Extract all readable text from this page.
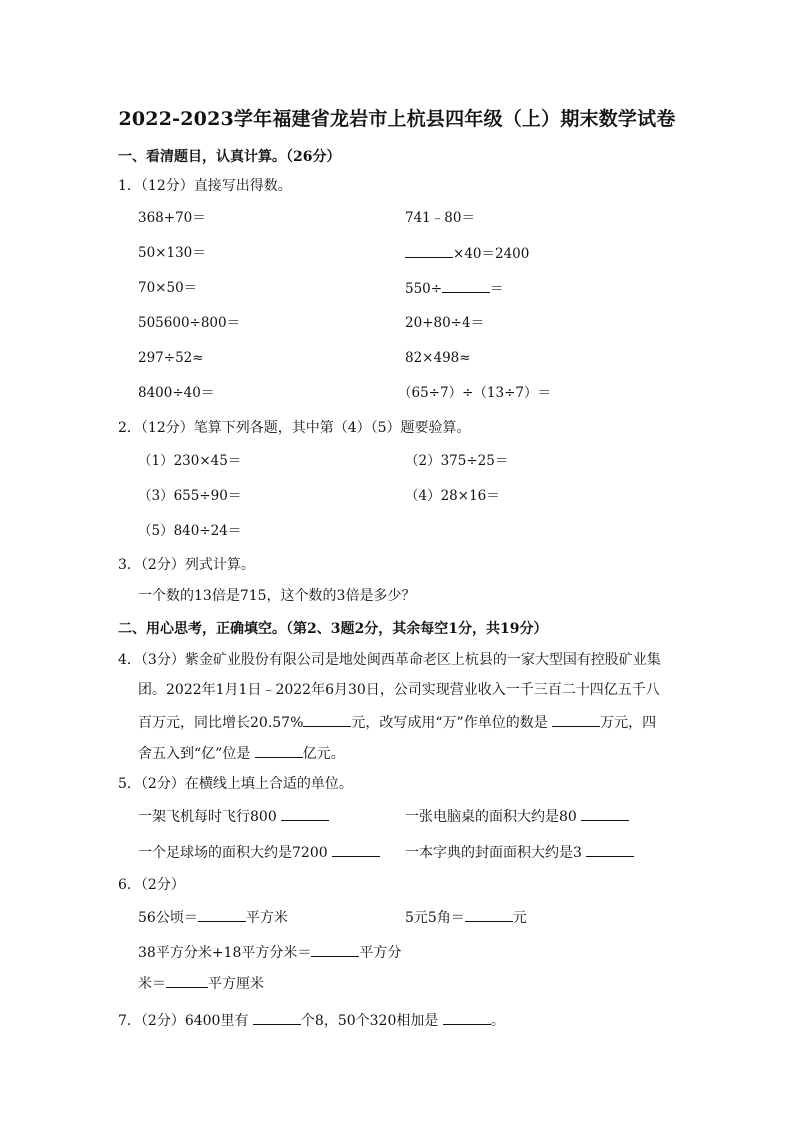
2022-2023学年福建省龙岩市上杭县四年级（上）期末数学试卷
一、看清题目，认真计算。（26分）
1．（12分）直接写出得数。
368+70＝	741﹣80＝
50×130＝	×40＝2400
70×50＝	550÷	＝
505600÷800＝	20+80÷4＝
297÷52≈	82×498≈
8400÷40＝	（65÷7）÷（13÷7）＝
2．（12分）笔算下列各题，其中第（4）（5）题要验算。
（1）230×45＝	（2）375÷25＝
（3）655÷90＝	（4）28×16＝
（5）840÷24＝
3．（2分）列式计算。
一个数的13倍是715，这个数的3倍是多少？
二、用心思考，正确填空。（第2、3题2分，其余每空1分，共19分）
4．（3分）紫金矿业股份有限公司是地处闽西革命老区上杭县的一家大型国有控股矿业集
团。2022年1月1日﹣2022年6月30日，公司实现营业收入一千三百二十四亿五千八
百万元，同比增长20.57%	元，改写成用“万”作单位的数是	万元，四
舍五入到“亿”位是	亿元。
5．（2分）在横线上填上合适的单位。
一架飞机每时飞行800	一张电脑桌的面积大约是80
一个足球场的面积大约是7200	一本字典的封面面积大约是3
6．（2分）
56公顷＝	平方米	5元5角＝	元
38平方分米+18平方分米＝	平方分
米＝	平方厘米
7．（2分）6400里有	个8，50个320相加是	。
